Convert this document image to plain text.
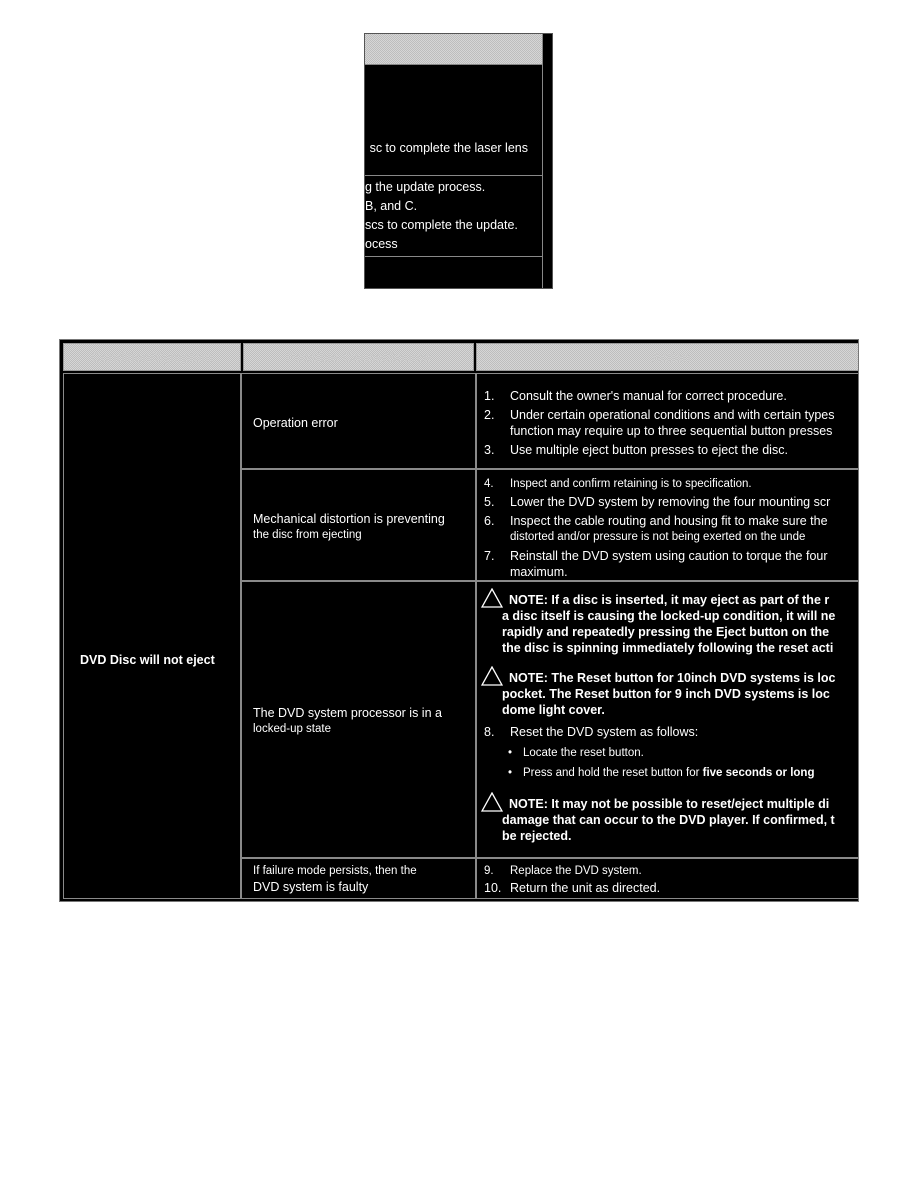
sc to complete the laser lens
g the update process.
B, and C.
scs to complete the update.
ocess
Condition/Symptom	Possible Cause/Source	Action
DVD Disc will not eject
Operation error
Mechanical distortion is preventing
the disc from ejecting
The DVD system processor is in a
locked-up state
If failure mode persists, then the
DVD system is faulty
1. Consult the owner's manual for correct procedure.
2. Under certain operational conditions and with certain types
function may require up to three sequential button presses
3. Use multiple eject button presses to eject the disc.
4. Inspect and confirm retaining is to specification.
5. Lower the DVD system by removing the four mounting scr
6. Inspect the cable routing and housing fit to make sure the
distorted and/or pressure is not being exerted on the unde
7. Reinstall the DVD system using caution to torque the four
maximum.
NOTE: If a disc is inserted, it may eject as part of the r
a disc itself is causing the locked-up condition, it will ne
rapidly and repeatedly pressing the Eject button on the
the disc is spinning immediately following the reset acti
NOTE: The Reset button for 10inch DVD systems is loc
pocket. The Reset button for 9 inch DVD systems is loc
dome light cover.
8. Reset the DVD system as follows:
• Locate the reset button.
• Press and hold the reset button for five seconds or long
NOTE: It may not be possible to reset/eject multiple di
damage that can occur to the DVD player. If confirmed, t
be rejected.
9. Replace the DVD system.
10. Return the unit as directed.
